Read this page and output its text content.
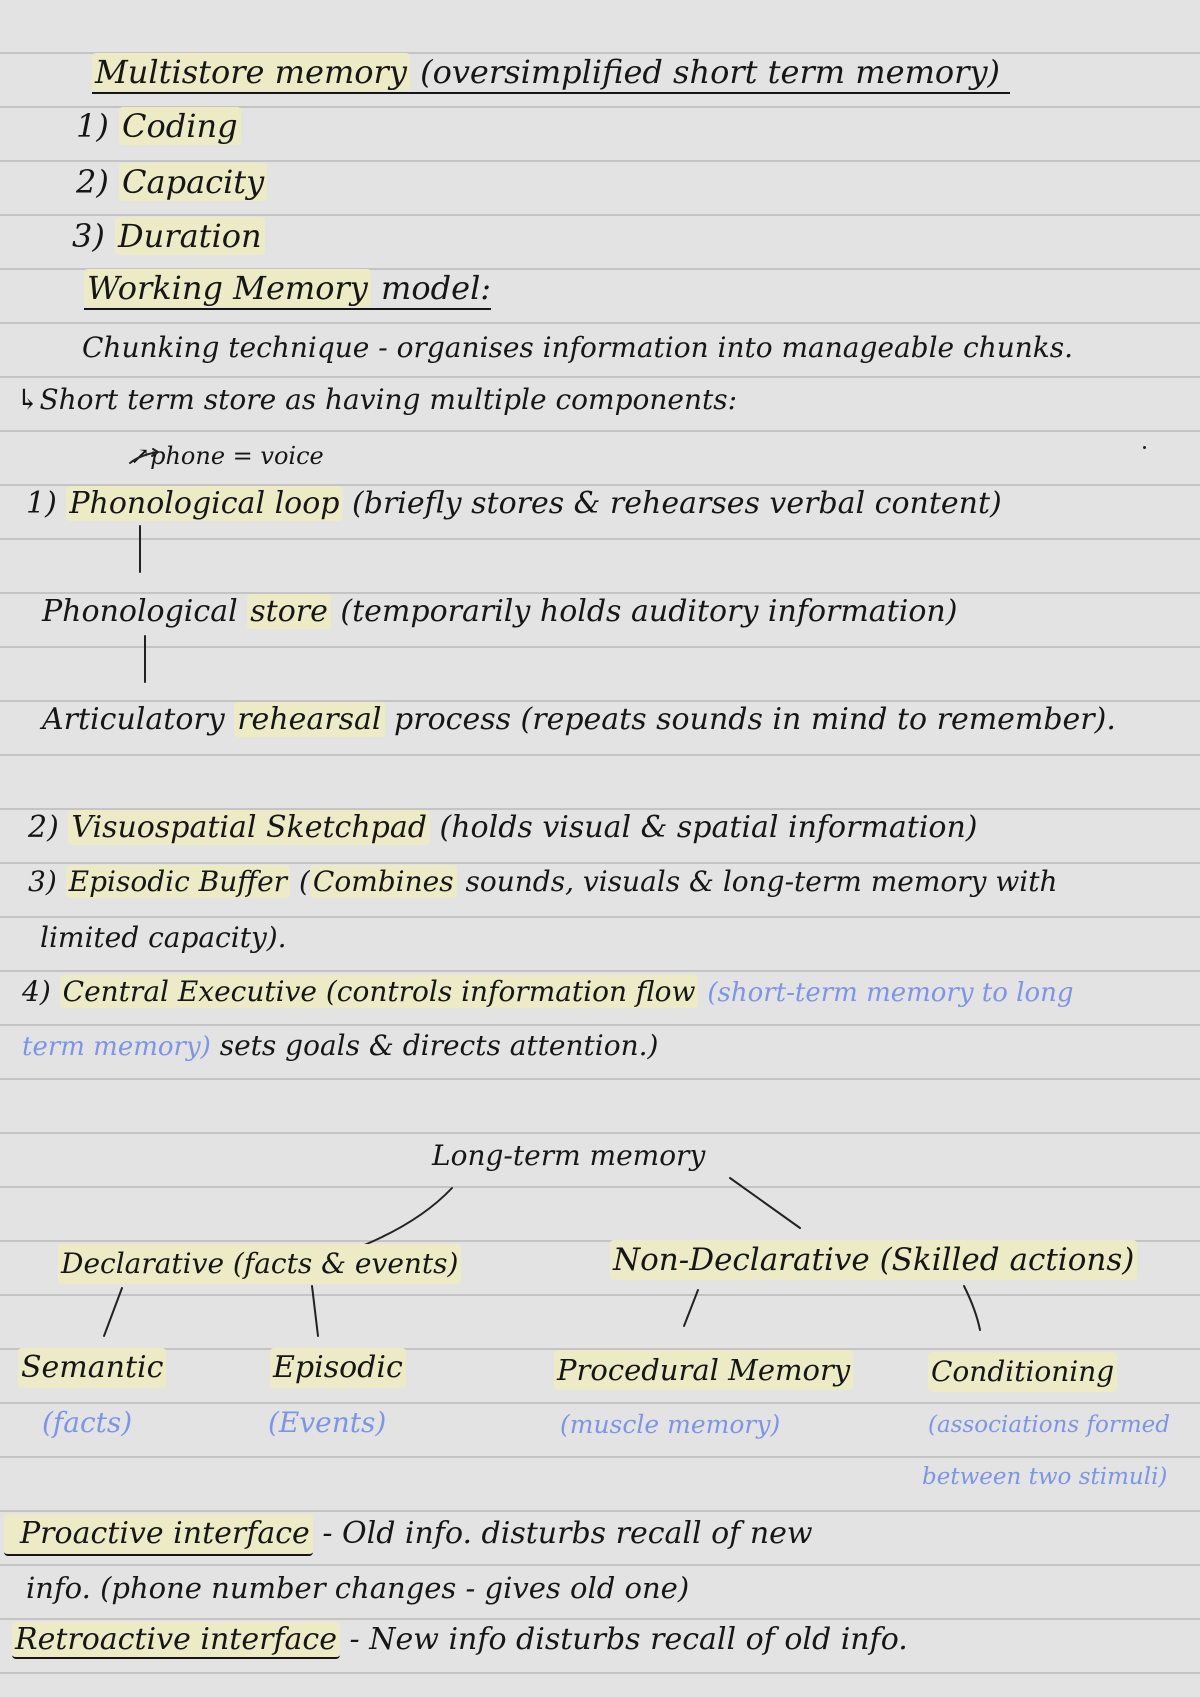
Multistore memory (oversimplified short term memory)
1) Coding
2) Capacity
3) Duration
Working Memory model:
Chunking technique - organises information into manageable chunks.
↳Short term store as having multiple components:
↗phone = voice
1) Phonological loop (briefly stores & rehearses verbal content)
Phonological store (temporarily holds auditory information)
Articulatory rehearsal process (repeats sounds in mind to remember).
2) Visuospatial Sketchpad (holds visual & spatial information)
3) Episodic Buffer ( Combines sounds, visuals & long-term memory with
limited capacity).
4) Central Executive (controls information flow (short-term memory to long
term memory) sets goals & directs attention.)
Long-term memory
Declarative (facts & events)	Non-Declarative (Skilled actions)
Semantic
(facts)
Episodic
(Events)
Procedural Memory
(muscle memory)
Conditioning
(associations formed
between two stimuli)
Proactive interface - Old info. disturbs recall of new
info. (phone number changes - gives old one)
Retroactive interface - New info disturbs recall of old info.
